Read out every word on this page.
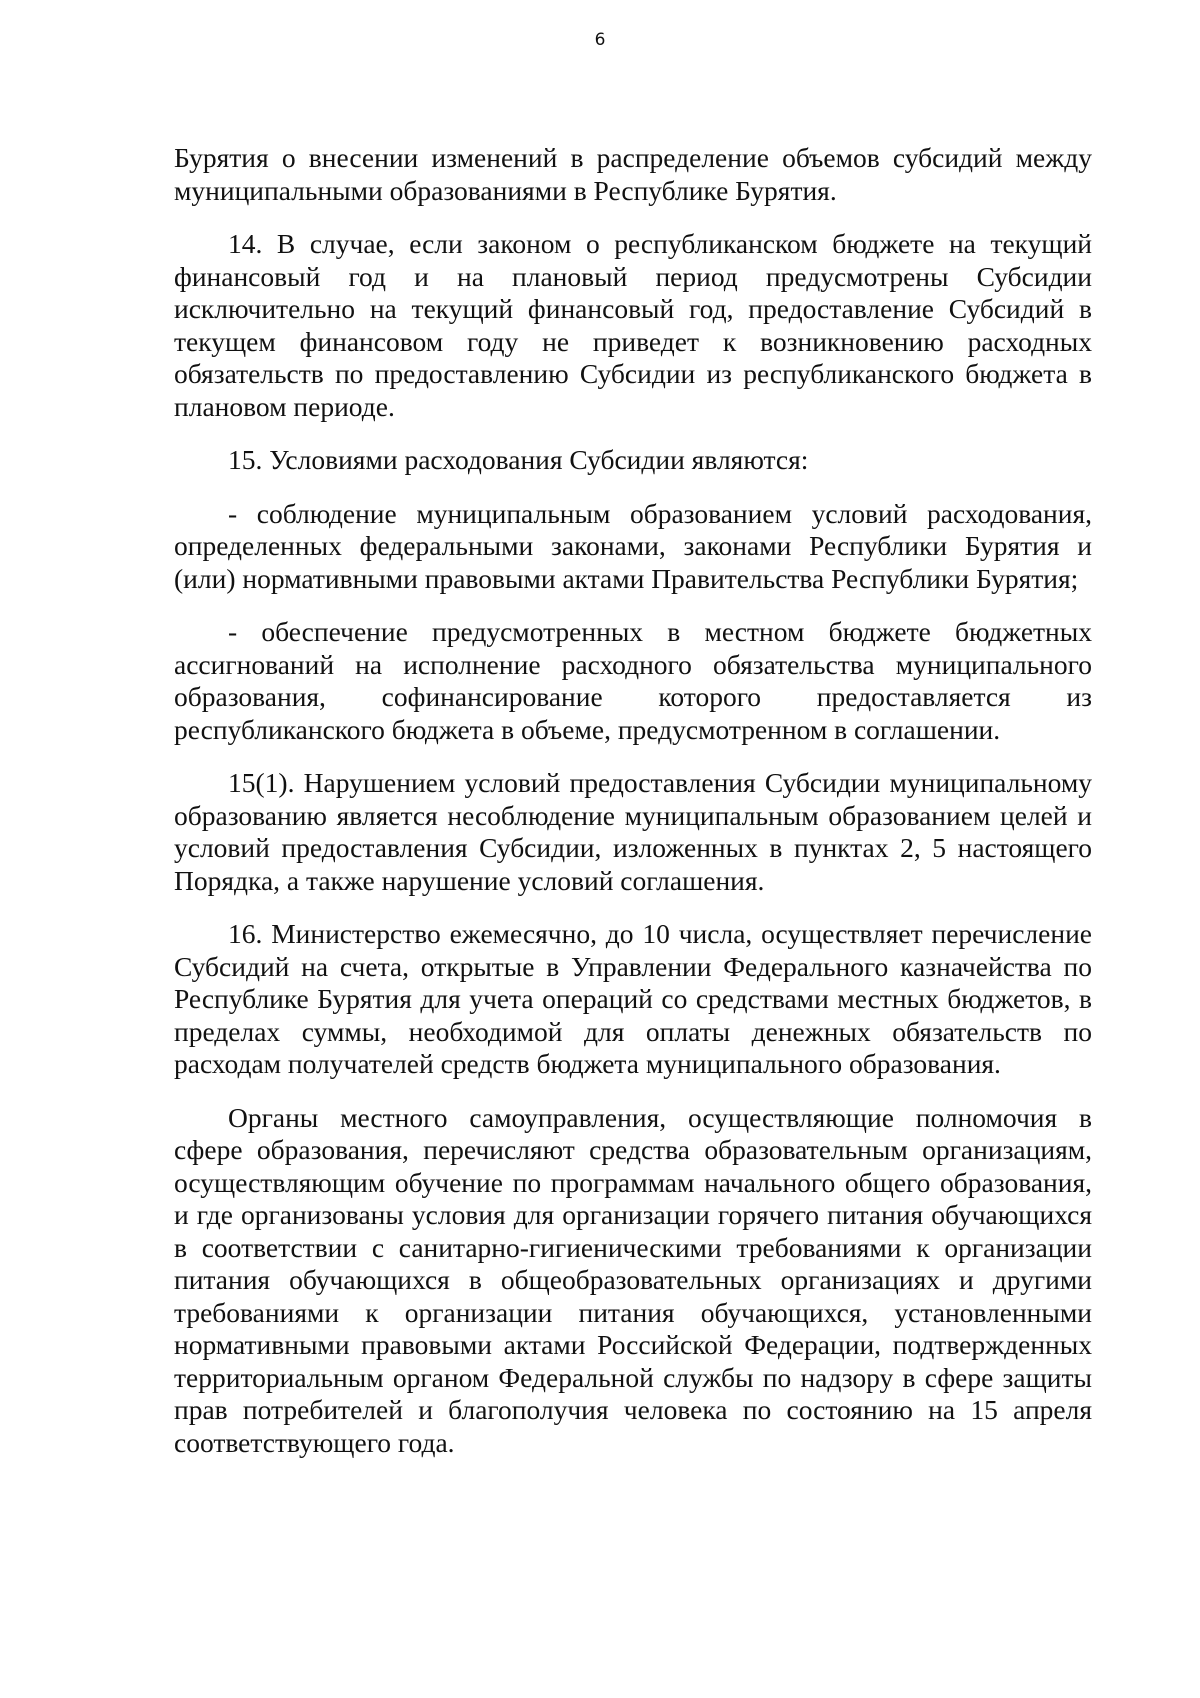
6

Бурятия о внесении изменений в распределение объемов субсидий между муниципальными образованиями в Республике Бурятия.

14. В случае, если законом о республиканском бюджете на текущий финансовый год и на плановый период предусмотрены Субсидии исключительно на текущий финансовый год, предоставление Субсидий в текущем финансовом году не приведет к возникновению расходных обязательств по предоставлению Субсидии из республиканского бюджета в плановом периоде.

15. Условиями расходования Субсидии являются:

- соблюдение муниципальным образованием условий расходования, определенных федеральными законами, законами Республики Бурятия и (или) нормативными правовыми актами Правительства Республики Бурятия;

- обеспечение предусмотренных в местном бюджете бюджетных ассигнований на исполнение расходного обязательства муниципального образования, софинансирование которого предоставляется из республиканского бюджета в объеме, предусмотренном в соглашении.

15(1). Нарушением условий предоставления Субсидии муниципальному образованию является несоблюдение муниципальным образованием целей и условий предоставления Субсидии, изложенных в пунктах 2, 5 настоящего Порядка, а также нарушение условий соглашения.

16. Министерство ежемесячно, до 10 числа, осуществляет перечисление Субсидий на счета, открытые в Управлении Федерального казначейства по Республике Бурятия для учета операций со средствами местных бюджетов, в пределах суммы, необходимой для оплаты денежных обязательств по расходам получателей средств бюджета муниципального образования.

Органы местного самоуправления, осуществляющие полномочия в сфере образования, перечисляют средства образовательным организациям, осуществляющим обучение по программам начального общего образования, и где организованы условия для организации горячего питания обучающихся в соответствии с санитарно-гигиеническими требованиями к организации питания обучающихся в общеобразовательных организациях и другими требованиями к организации питания обучающихся, установленными нормативными правовыми актами Российской Федерации, подтвержденных территориальным органом Федеральной службы по надзору в сфере защиты прав потребителей и благополучия человека по состоянию на 15 апреля соответствующего года.
